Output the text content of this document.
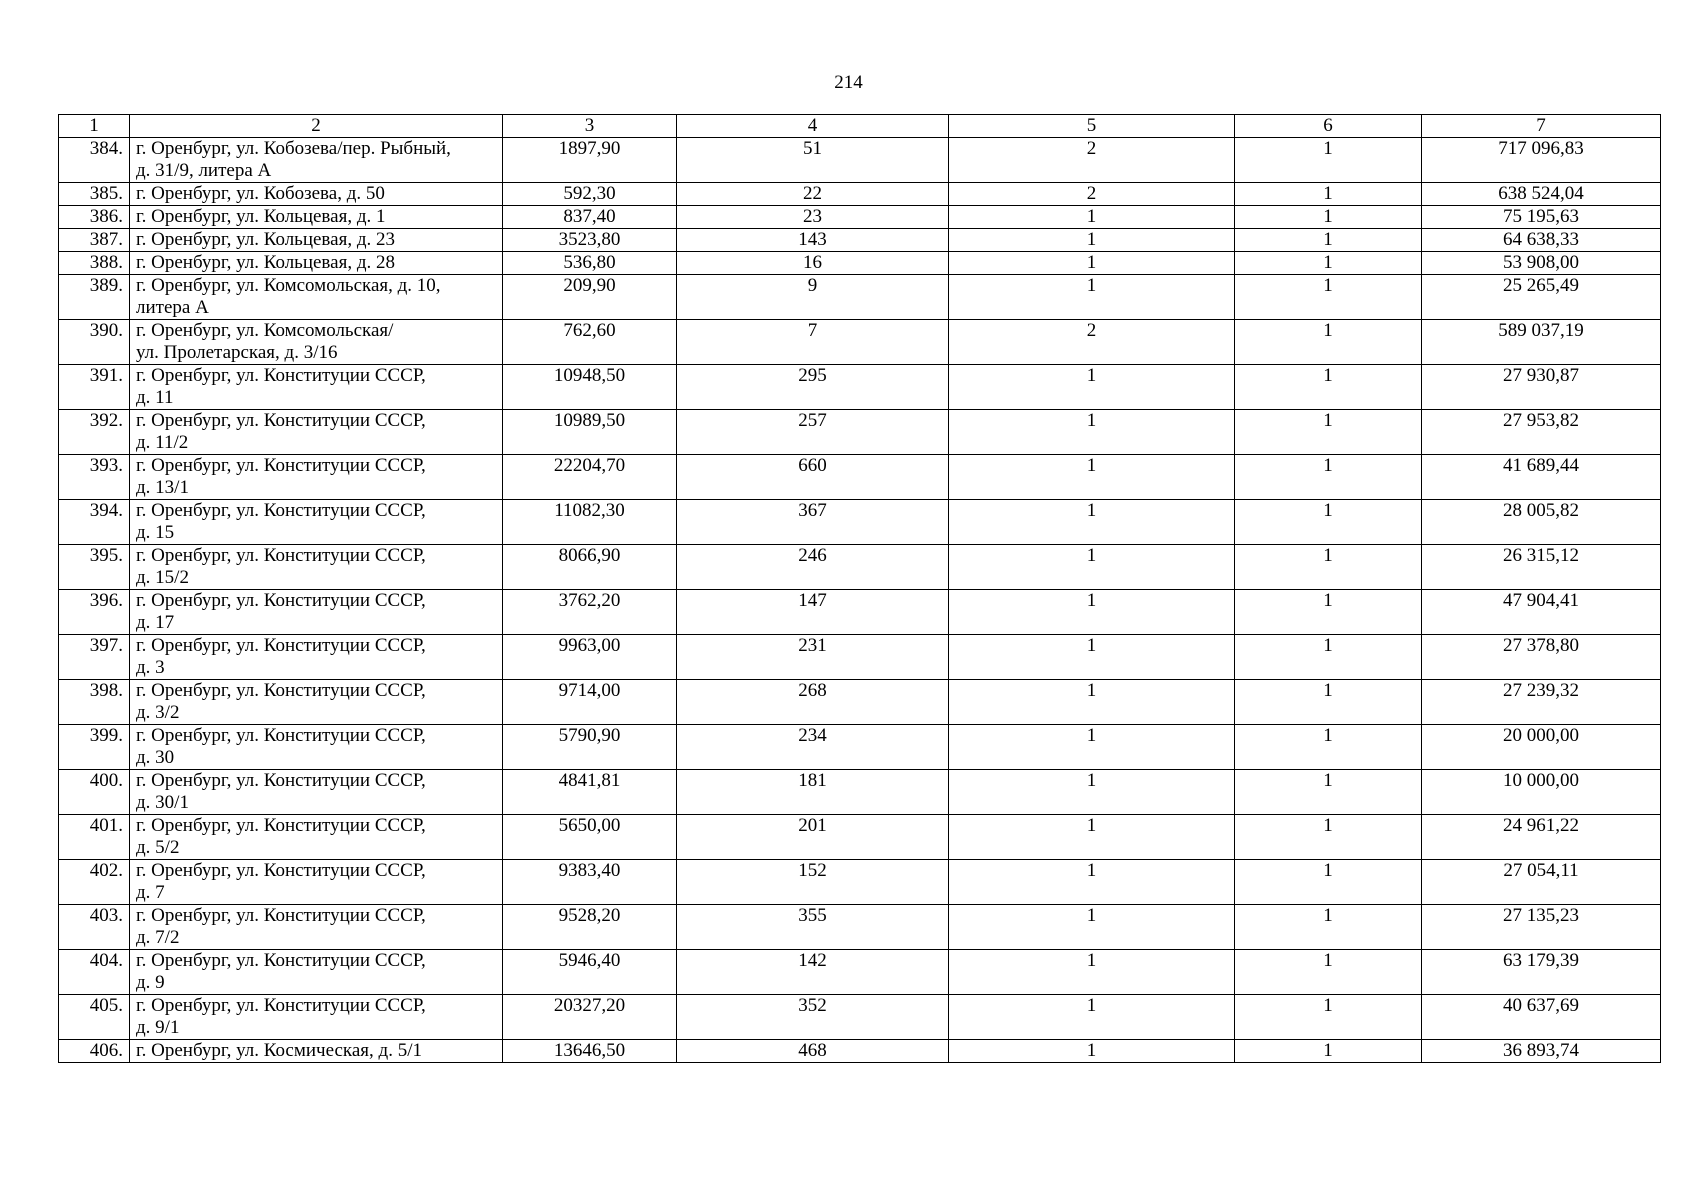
214
1	2	3	4	5	6	7
384.	г. Оренбург, ул. Кобозева/пер. Рыбный,
д. 31/9, литера А	1897,90	51	2	1	717 096,83
385.	г. Оренбург, ул. Кобозева, д. 50	592,30	22	2	1	638 524,04
386.	г. Оренбург, ул. Кольцевая, д. 1	837,40	23	1	1	75 195,63
387.	г. Оренбург, ул. Кольцевая, д. 23	3523,80	143	1	1	64 638,33
388.	г. Оренбург, ул. Кольцевая, д. 28	536,80	16	1	1	53 908,00
389.	г. Оренбург, ул. Комсомольская, д. 10,
литера А	209,90	9	1	1	25 265,49
390.	г. Оренбург, ул. Комсомольская/
ул. Пролетарская, д. 3/16	762,60	7	2	1	589 037,19
391.	г. Оренбург, ул. Конституции СССР,
д. 11	10948,50	295	1	1	27 930,87
392.	г. Оренбург, ул. Конституции СССР,
д. 11/2	10989,50	257	1	1	27 953,82
393.	г. Оренбург, ул. Конституции СССР,
д. 13/1	22204,70	660	1	1	41 689,44
394.	г. Оренбург, ул. Конституции СССР,
д. 15	11082,30	367	1	1	28 005,82
395.	г. Оренбург, ул. Конституции СССР,
д. 15/2	8066,90	246	1	1	26 315,12
396.	г. Оренбург, ул. Конституции СССР,
д. 17	3762,20	147	1	1	47 904,41
397.	г. Оренбург, ул. Конституции СССР,
д. 3	9963,00	231	1	1	27 378,80
398.	г. Оренбург, ул. Конституции СССР,
д. 3/2	9714,00	268	1	1	27 239,32
399.	г. Оренбург, ул. Конституции СССР,
д. 30	5790,90	234	1	1	20 000,00
400.	г. Оренбург, ул. Конституции СССР,
д. 30/1	4841,81	181	1	1	10 000,00
401.	г. Оренбург, ул. Конституции СССР,
д. 5/2	5650,00	201	1	1	24 961,22
402.	г. Оренбург, ул. Конституции СССР,
д. 7	9383,40	152	1	1	27 054,11
403.	г. Оренбург, ул. Конституции СССР,
д. 7/2	9528,20	355	1	1	27 135,23
404.	г. Оренбург, ул. Конституции СССР,
д. 9	5946,40	142	1	1	63 179,39
405.	г. Оренбург, ул. Конституции СССР,
д. 9/1	20327,20	352	1	1	40 637,69
406.	г. Оренбург, ул. Космическая, д. 5/1	13646,50	468	1	1	36 893,74
